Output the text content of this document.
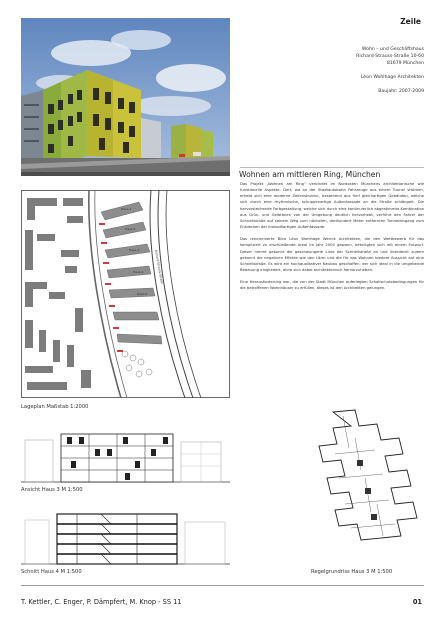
Zeile
Wohn – und Geschäftshaus
Richard-Strauss-Straße 10-60
81679 München
Léon Wohlhage Architekten
Baujahr: 2007-2009
Wohnen am mittleren Ring, München

Das Projekt „Wohnen am Ring“ verbindet im Nordosten Münchens architektonische wie funktionelle Aspekte. Dort, wo an der Stadtautobahn Fahrzeuge aus einem Tunnel strömen, erhebt sich eine moderne Zeilenstruktur, bestehend aus fünf gleichartigen Gebäuden, welche sich durch eine rhythmische, schuppenartige Außenfassade an die Straße schlängelt. Die hervorstechende Farbgestaltung, welche sich durch eine kontinuierlich abgestimmte Kombination aus Grün- und Gelbtönen von der Umgebung deutlich hervorhebt, verführt den Fahrer der Schnellstraße auf seinem Weg zum nächsten, dreihundert Meter entfernten Tunneleingang zum Entdecken der krokodilartigen Außenfassade.

Das renommierte Büro Léon Wohlhage Wernik Architekten, die den Wettbewerb für das kompliziert zu erschließende Areal im Jahr 2004 gewann, beteiligten sich mit einem Entwurf. Dieser nimmt gekonnt die geschwungene Linie der Schnellstraße an und überdeckt zudem gekonnt die negativen Effekte wie den Lärm und die für das Wohnen biedere Aussicht auf eine Schnellstraße. Es wird ein hochqualitativer Neubau geschaffen, der sich ideal in die umgebende Bebauung eingliedert, ohne sich dabei architektonisch hervorzuheben.

Eine Herausforderung war, die von der Stadt München auferlegten Schallschutzbedingungen für die betroffenen Wohnhäuser zu erfüllen, dieses ist den Architekten gelungen.

Haus 1
Haus 2
Haus 3
Haus 4
Haus 5
Richard-Strauss-Straße
Lageplan Maßstab 1:2000
Ansicht Haus 3 M 1:500
Schnitt Haus 4 M 1:500	Regelgrundriss Haus 3 M 1:500
T. Kettler, C. Enger, P. Dämpfert, M. Knop - SS 11	01
